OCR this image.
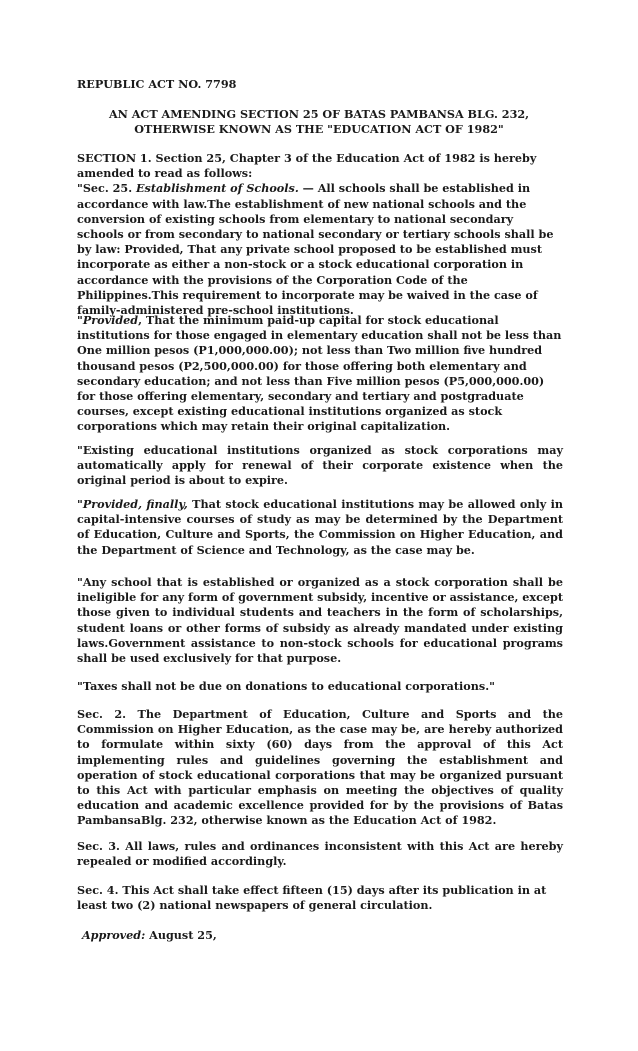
REPUBLIC ACT NO. 7798

AN ACT AMENDING SECTION 25 OF BATAS PAMBANSA BLG. 232, OTHERWISE KNOWN AS THE "EDUCATION ACT OF 1982"

SECTION 1. Section 25, Chapter 3 of the Education Act of 1982 is hereby amended to read as follows:

"Sec. 25. Establishment of Schools. — All schools shall be established in accordance with law.The establishment of new national schools and the conversion of existing schools from elementary to national secondary schools or from secondary to national secondary or tertiary schools shall be by law: Provided, That any private school proposed to be established must incorporate as either a non-stock or a stock educational corporation in accordance with the provisions of the Corporation Code of the Philippines.This requirement to incorporate may be waived in the case of family-administered pre-school institutions.

"Provided, That the minimum paid-up capital for stock educational institutions for those engaged in elementary education shall not be less than One million pesos (P1,000,000.00); not less than Two million five hundred thousand pesos (P2,500,000.00) for those offering both elementary and secondary education; and not less than Five million pesos (P5,000,000.00) for those offering elementary, secondary and tertiary and postgraduate courses, except existing educational institutions organized as stock corporations which may retain their original capitalization.

"Existing educational institutions organized as stock corporations may automatically apply for renewal of their corporate existence when the original period is about to expire.

"Provided, finally, That stock educational institutions may be allowed only in capital-intensive courses of study as may be determined by the Department of Education, Culture and Sports, the Commission on Higher Education, and the Department of Science and Technology, as the case may be.

"Any school that is established or organized as a stock corporation shall be ineligible for any form of government subsidy, incentive or assistance, except those given to individual students and teachers in the form of scholarships, student loans or other forms of subsidy as already mandated under existing laws.Government assistance to non-stock schools for educational programs shall be used exclusively for that purpose.

"Taxes shall not be due on donations to educational corporations."

Sec. 2. The Department of Education, Culture and Sports and the Commission on Higher Education, as the case may be, are hereby authorized to formulate within sixty (60) days from the approval of this Act implementing rules and guidelines governing the establishment and operation of stock educational corporations that may be organized pursuant to this Act with particular emphasis on meeting the objectives of quality education and academic excellence provided for by the provisions of Batas PambansaBlg. 232, otherwise known as the Education Act of 1982.

Sec. 3. All laws, rules and ordinances inconsistent with this Act are hereby repealed or modified accordingly.

Sec. 4. This Act shall take effect fifteen (15) days after its publication in at least two (2) national newspapers of general circulation.

Approved: August 25,
